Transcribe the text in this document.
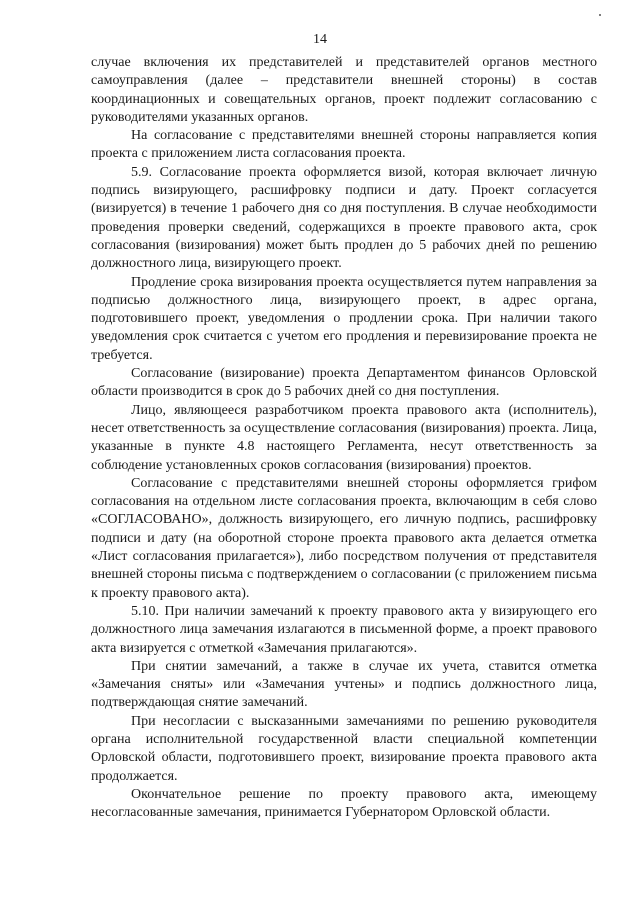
14

случае включения их представителей и представителей органов местного самоуправления (далее – представители внешней стороны) в состав координационных и совещательных органов, проект подлежит согласованию с руководителями указанных органов.

На согласование с представителями внешней стороны направляется копия проекта с приложением листа согласования проекта.

5.9. Согласование проекта оформляется визой, которая включает личную подпись визирующего, расшифровку подписи и дату. Проект согласуется (визируется) в течение 1 рабочего дня со дня поступления. В случае необходимости проведения проверки сведений, содержащихся в проекте правового акта, срок согласования (визирования) может быть продлен до 5 рабочих дней по решению должностного лица, визирующего проект.

Продление срока визирования проекта осуществляется путем направления за подписью должностного лица, визирующего проект, в адрес органа, подготовившего проект, уведомления о продлении срока. При наличии такого уведомления срок считается с учетом его продления и перевизирование проекта не требуется.

Согласование (визирование) проекта Департаментом финансов Орловской области производится в срок до 5 рабочих дней со дня поступления.

Лицо, являющееся разработчиком проекта правового акта (исполнитель), несет ответственность за осуществление согласования (визирования) проекта. Лица, указанные в пункте 4.8 настоящего Регламента, несут ответственность за соблюдение установленных сроков согласования (визирования) проектов.

Согласование с представителями внешней стороны оформляется грифом согласования на отдельном листе согласования проекта, включающим в себя слово «СОГЛАСОВАНО», должность визирующего, его личную подпись, расшифровку подписи и дату (на оборотной стороне проекта правового акта делается отметка «Лист согласования прилагается»), либо посредством получения от представителя внешней стороны письма с подтверждением о согласовании (с приложением письма к проекту правового акта).

5.10. При наличии замечаний к проекту правового акта у визирующего его должностного лица замечания излагаются в письменной форме, а проект правового акта визируется с отметкой «Замечания прилагаются».

При снятии замечаний, а также в случае их учета, ставится отметка «Замечания сняты» или «Замечания учтены» и подпись должностного лица, подтверждающая снятие замечаний.

При несогласии с высказанными замечаниями по решению руководителя органа исполнительной государственной власти специальной компетенции Орловской области, подготовившего проект, визирование проекта правового акта продолжается.

Окончательное решение по проекту правового акта, имеющему несогласованные замечания, принимается Губернатором Орловской области.
